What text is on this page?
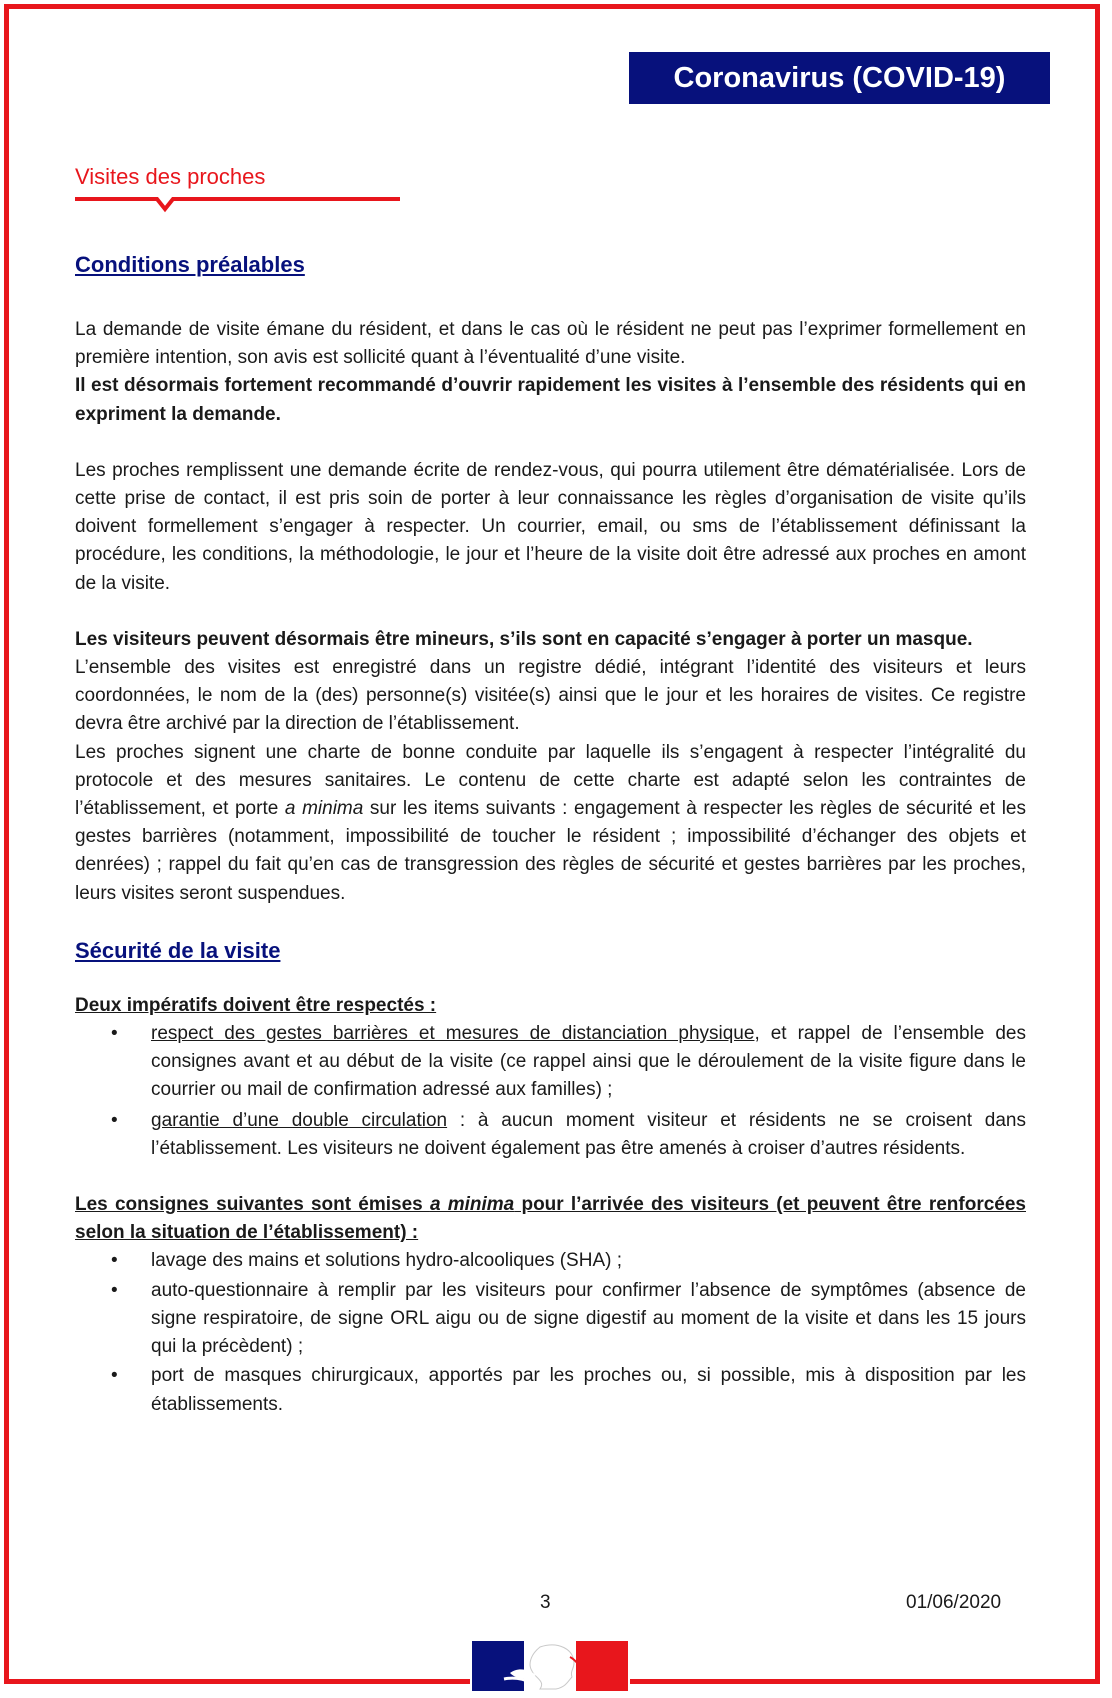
Coronavirus (COVID-19)
Visites des proches
Conditions préalables

La demande de visite émane du résident, et dans le cas où le résident ne peut pas l’exprimer formellement en première intention, son avis est sollicité quant à l’éventualité d’une visite.

Il est désormais fortement recommandé d’ouvrir rapidement les visites à l’ensemble des résidents qui en expriment la demande.

Les proches remplissent une demande écrite de rendez-vous, qui pourra utilement être dématérialisée. Lors de cette prise de contact, il est pris soin de porter à leur connaissance les règles d’organisation de visite qu’ils doivent formellement s’engager à respecter. Un courrier, email, ou sms de l’établissement définissant la procédure, les conditions, la méthodologie, le jour et l’heure de la visite doit être adressé aux proches en amont de la visite.

Les visiteurs peuvent désormais être mineurs, s’ils sont en capacité s’engager à porter un masque.

L’ensemble des visites est enregistré dans un registre dédié, intégrant l’identité des visiteurs et leurs coordonnées, le nom de la (des) personne(s) visitée(s) ainsi que le jour et les horaires de visites. Ce registre devra être archivé par la direction de l’établissement.

Les proches signent une charte de bonne conduite par laquelle ils s’engagent à respecter l’intégralité du protocole et des mesures sanitaires. Le contenu de cette charte est adapté selon les contraintes de l’établissement, et porte a minima sur les items suivants : engagement à respecter les règles de sécurité et les gestes barrières (notamment, impossibilité de toucher le résident ; impossibilité d’échanger des objets et denrées) ; rappel du fait qu’en cas de transgression des règles de sécurité et gestes barrières par les proches, leurs visites seront suspendues.

Sécurité de la visite

Deux impératifs doivent être respectés :

• respect des gestes barrières et mesures de distanciation physique, et rappel de l’ensemble des consignes avant et au début de la visite (ce rappel ainsi que le déroulement de la visite figure dans le courrier ou mail de confirmation adressé aux familles) ;
• garantie d’une double circulation : à aucun moment visiteur et résidents ne se croisent dans l’établissement. Les visiteurs ne doivent également pas être amenés à croiser d’autres résidents.

Les consignes suivantes sont émises a minima pour l’arrivée des visiteurs (et peuvent être renforcées selon la situation de l’établissement) :

• lavage des mains et solutions hydro-alcooliques (SHA) ;
• auto-questionnaire à remplir par les visiteurs pour confirmer l’absence de symptômes (absence de signe respiratoire, de signe ORL aigu ou de signe digestif au moment de la visite et dans les 15 jours qui la précèdent) ;
• port de masques chirurgicaux, apportés par les proches ou, si possible, mis à disposition par les établissements.
3	01/06/2020
